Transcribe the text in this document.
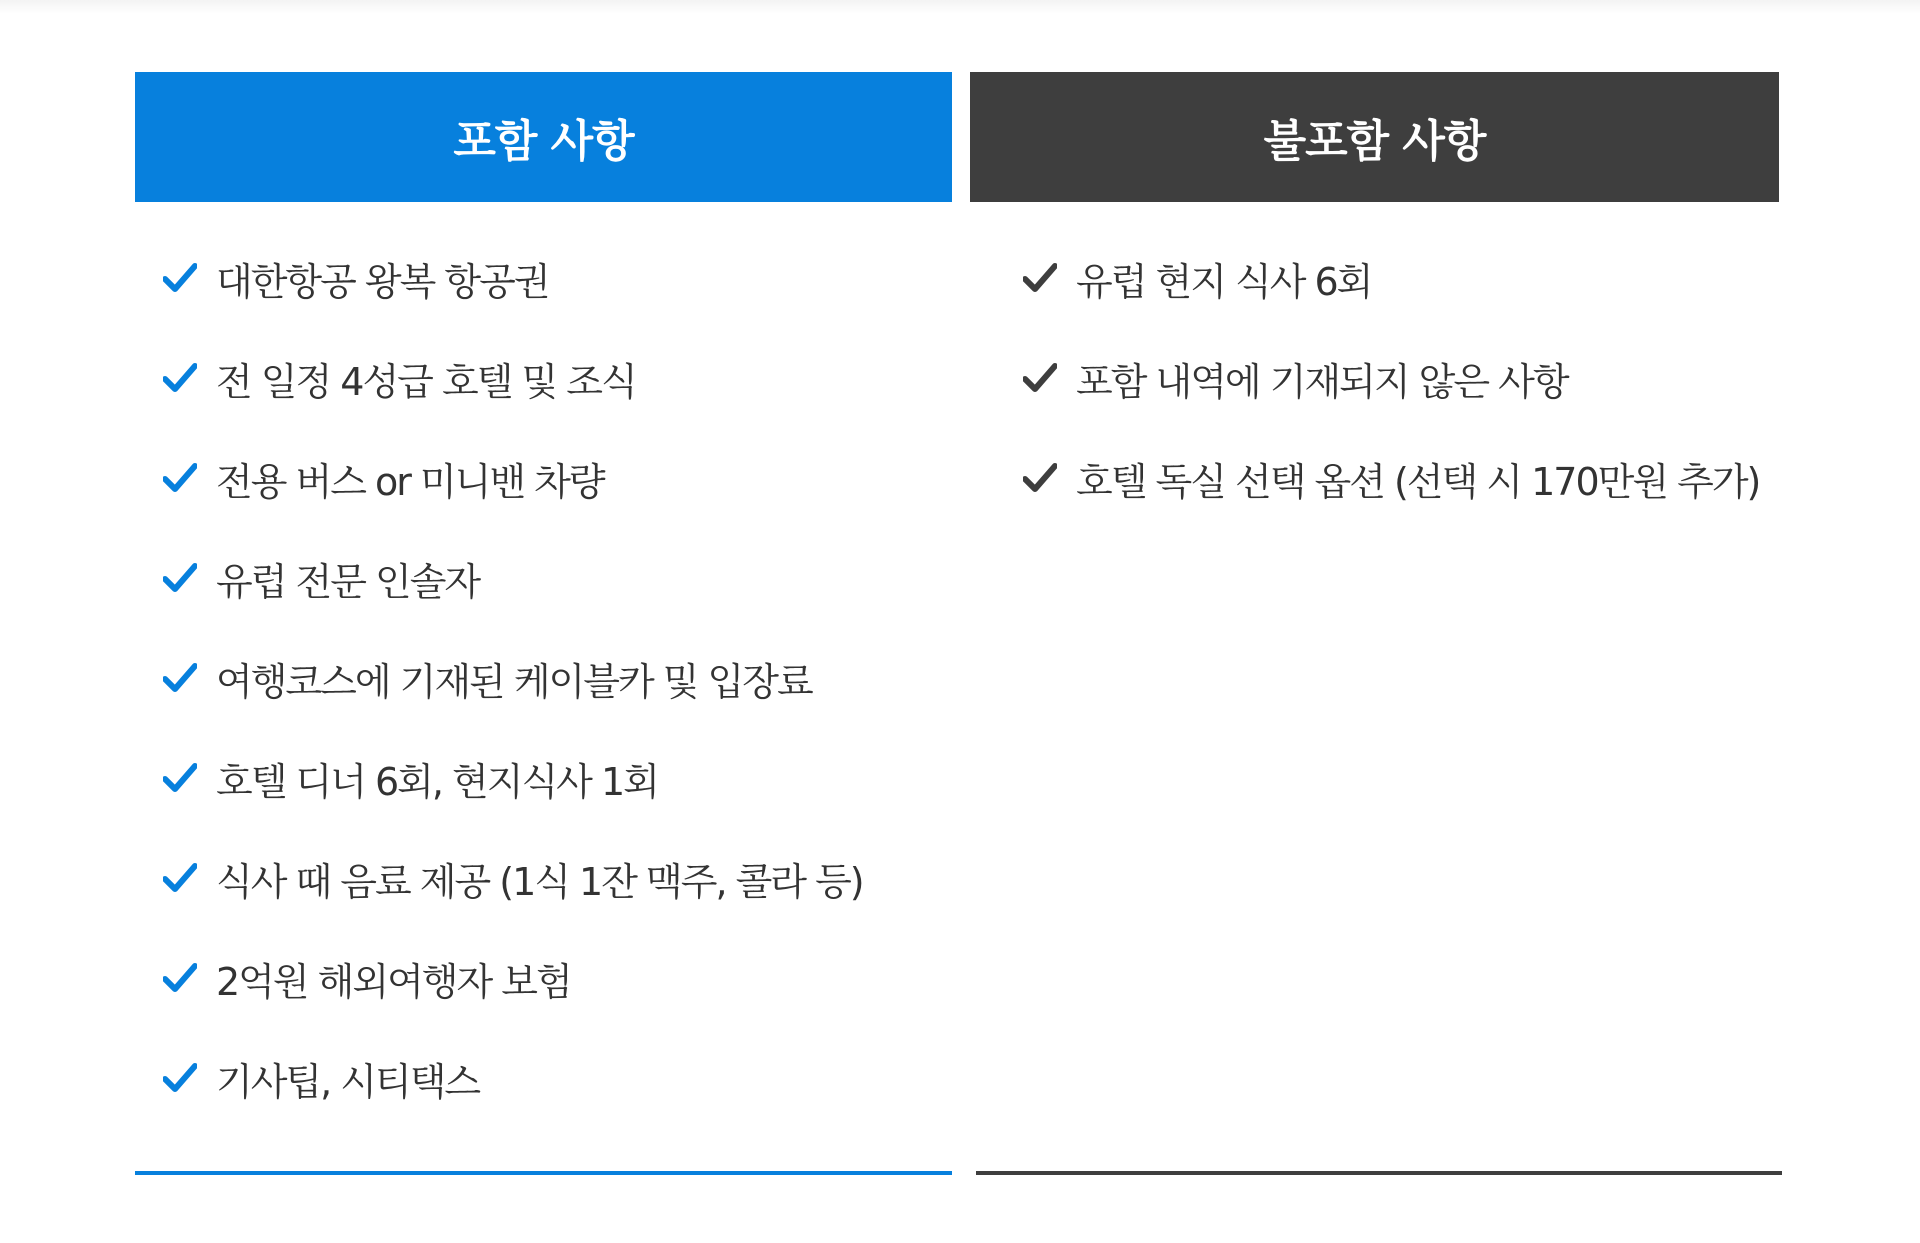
포함 사항
대한항공 왕복 항공권
전 일정 4성급 호텔 및 조식
전용 버스 or 미니밴 차량
유럽 전문 인솔자
여행코스에 기재된 케이블카 및 입장료
호텔 디너 6회, 현지식사 1회
식사 때 음료 제공 (1식 1잔 맥주, 콜라 등)
2억원 해외여행자 보험
기사팁, 시티택스
불포함 사항
유럽 현지 식사 6회
포함 내역에 기재되지 않은 사항
호텔 독실 선택 옵션 (선택 시 170만원 추가)
